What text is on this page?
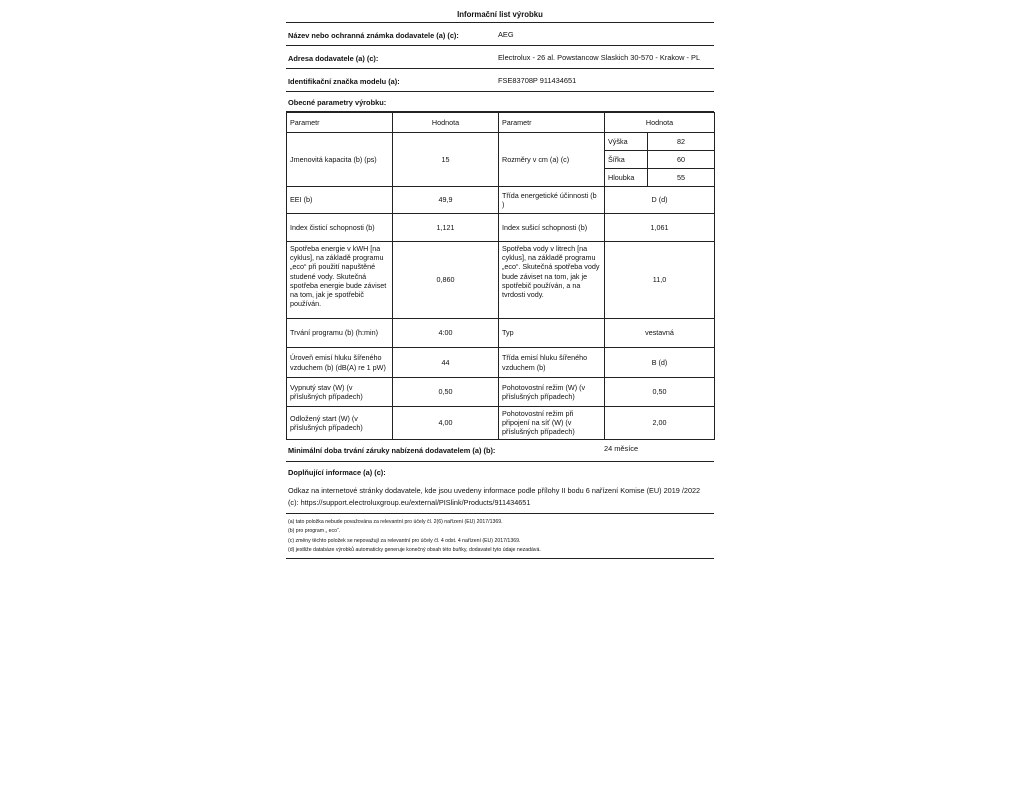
Informační list výrobku
Název nebo ochranná známka dodavatele (a) (c):	AEG
Adresa dodavatele (a) (c):	Electrolux - 26 al. Powstancow Slaskich 30-570 - Krakow - PL
Identifikační značka modelu (a):	FSE83708P 911434651
Obecné parametry výrobku:
Parametr	Hodnota	Parametr	Hodnota
Jmenovitá kapacita (b) (ps)	15	Rozměry v cm (a) (c)	
Výška	82
Šířka	60
Hloubka	55

EEI (b)	49,9	Třída energetické účinnosti (b )	D (d)
Index čisticí schopnosti (b)	1,121	Index sušicí schopnosti (b)	1,061
Spotřeba energie v kWH [na cyklus], na základě programu „eco“ při použití napuštěné studené vody. Skutečná spotřeba energie bude záviset na tom, jak je spotřebič používán.	0,860	Spotřeba vody v litrech [na cyklus], na základě programu „eco“. Skutečná spotřeba vody bude záviset na tom, jak je spotřebič používán, a na tvrdosti vody.	11,0
Trvání programu (b) (h:min)	4:00	Typ	vestavná
Úroveň emisí hluku šířeného vzduchem (b) (dB(A) re 1 pW)	44	Třída emisí hluku šířeného vzduchem (b)	B (d)
Vypnutý stav (W) (v příslušných případech)	0,50	Pohotovostní režim (W) (v příslušných případech)	0,50
Odložený start (W) (v příslušných případech)	4,00	Pohotovostní režim při připojení na síť (W) (v příslušných případech)	2,00
Minimální doba trvání záruky nabízená dodavatelem (a) (b):	24 měsíce
Doplňující informace (a) (c):
Odkaz na internetové stránky dodavatele, kde jsou uvedeny informace podle přílohy II bodu 6 nařízení Komise (EU) 2019 /2022 (c): https://support.electroluxgroup.eu/external/PISlink/Products/911434651
(a) tato položka nebude považována za relevantní pro účely čl. 2(6) nařízení (EU) 2017/1369.
(b) pro program „ eco“.
(c) změny těchto položek se nepovažují za relevantní pro účely čl. 4 odst. 4 nařízení (EU) 2017/1369.
(d) jestliže databáze výrobků automaticky generuje konečný obsah této buňky, dodavatel tyto údaje nezadává.
